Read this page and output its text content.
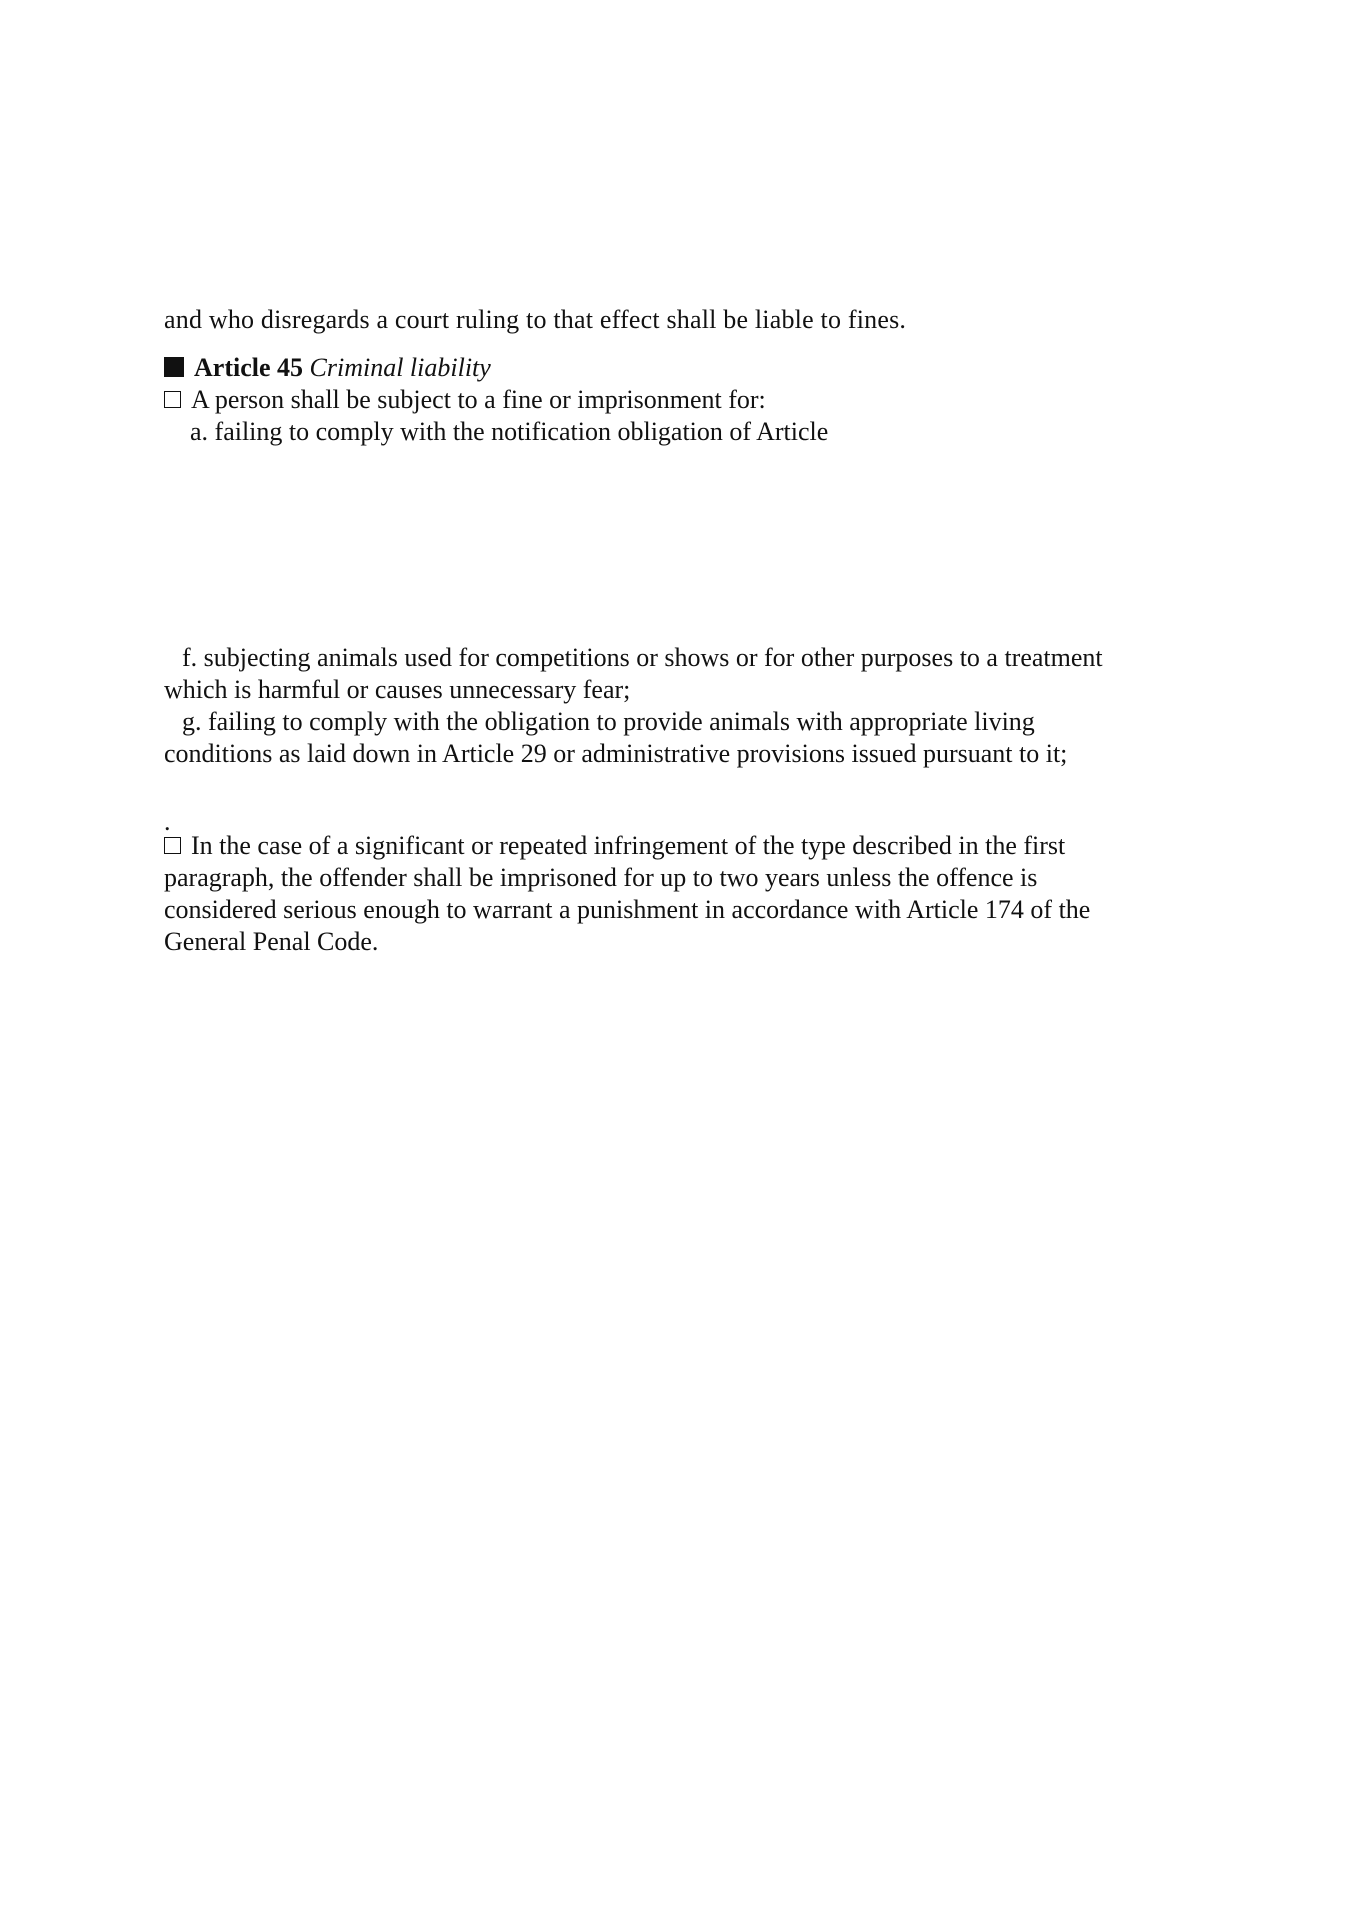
and who disregards a court ruling to that effect shall be liable to fines.
Article 45 Criminal liability
A person shall be subject to a fine or imprisonment for:
a. failing to comply with the notification obligation of Article
f. subjecting animals used for competitions or shows or for other purposes to a treatment
which is harmful or causes unnecessary fear;
g. failing to comply with the obligation to provide animals with appropriate living
conditions as laid down in Article 29 or administrative provisions issued pursuant to it;
.
In the case of a significant or repeated infringement of the type described in the first
paragraph, the offender shall be imprisoned for up to two years unless the offence is
considered serious enough to warrant a punishment in accordance with Article 174 of the
General Penal Code.
